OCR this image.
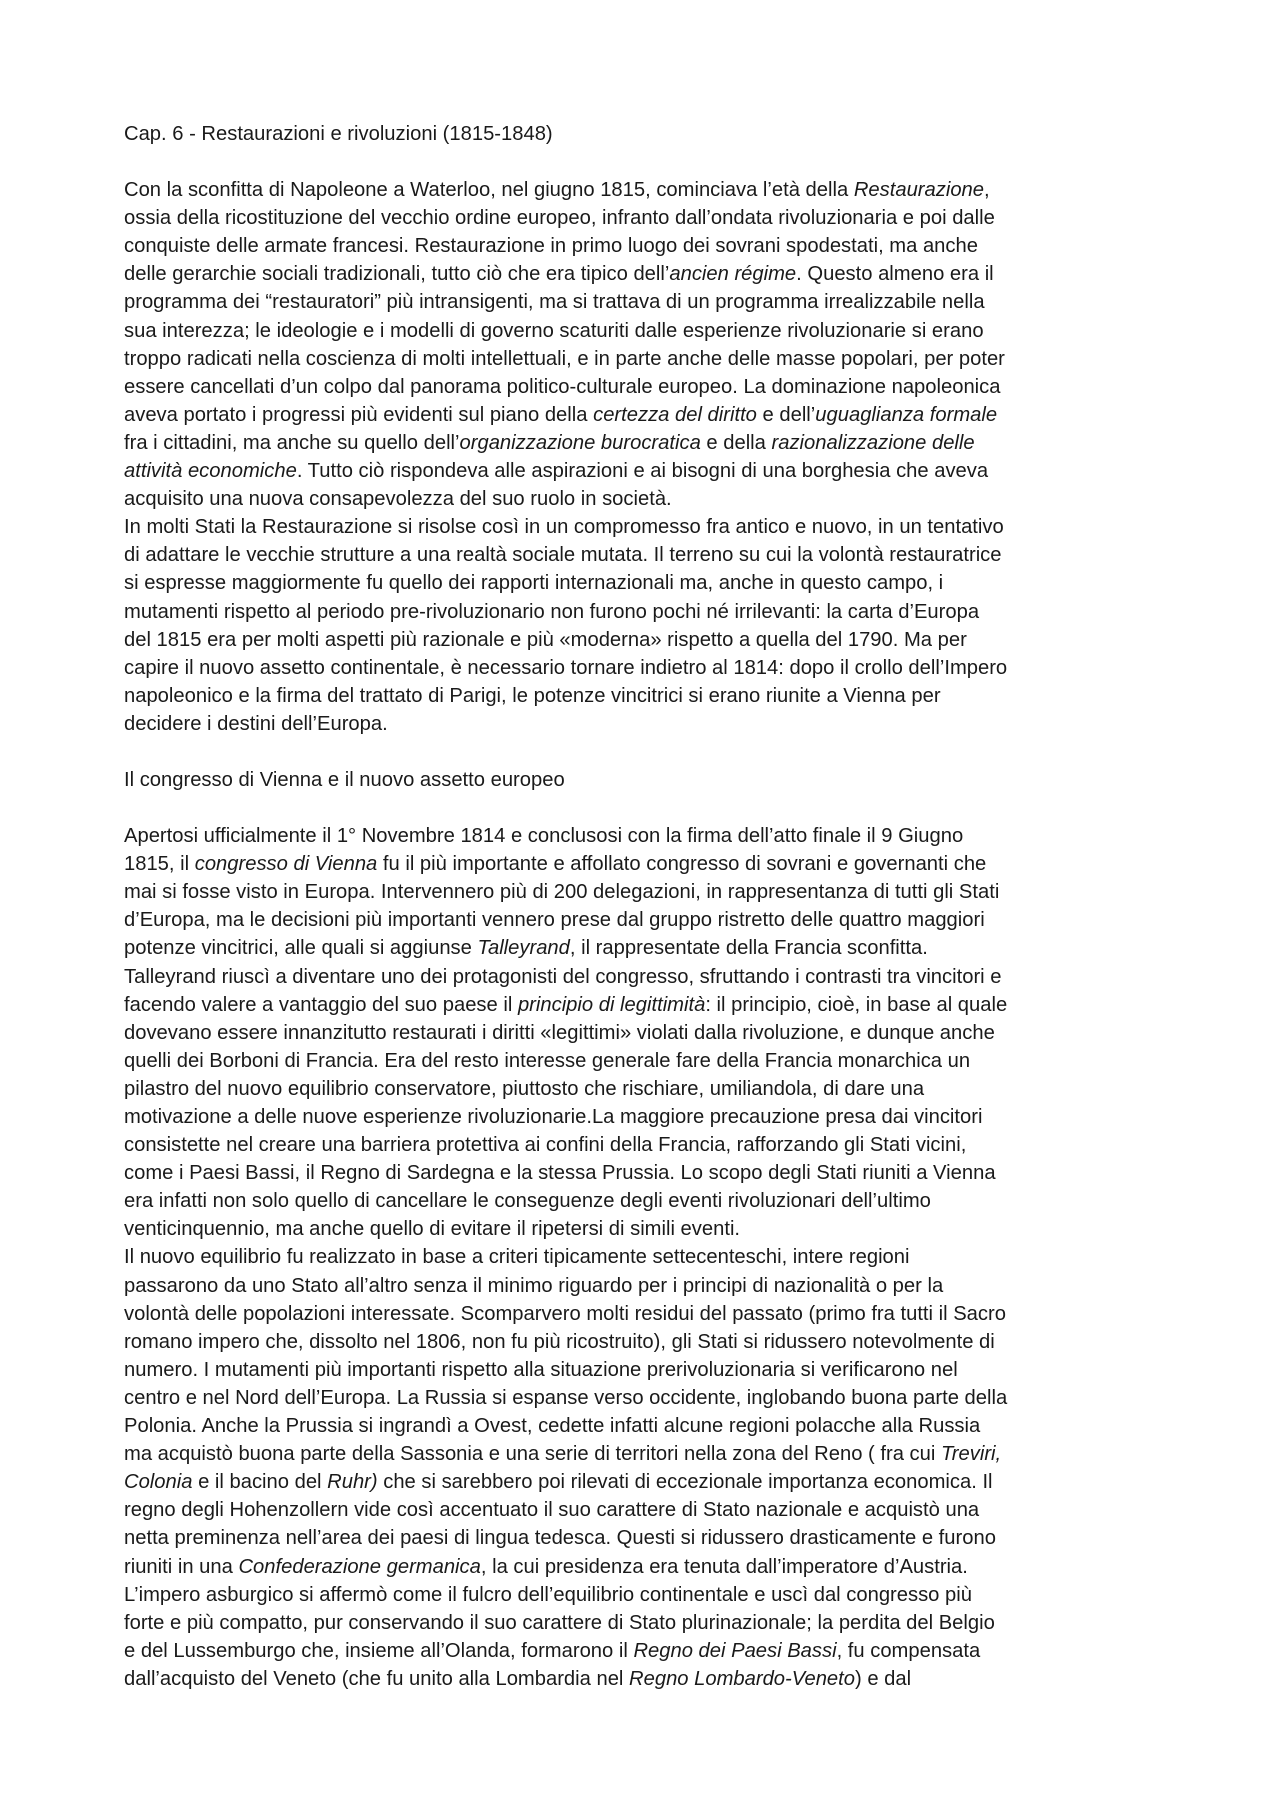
Cap. 6 - Restaurazioni e rivoluzioni (1815-1848)

Con la sconfitta di Napoleone a Waterloo, nel giugno 1815, cominciava l’età della Restaurazione,
ossia della ricostituzione del vecchio ordine europeo, infranto dall’ondata rivoluzionaria e poi dalle
conquiste delle armate francesi. Restaurazione in primo luogo dei sovrani spodestati, ma anche
delle gerarchie sociali tradizionali, tutto ciò che era tipico dell’ancien régime. Questo almeno era il
programma dei “restauratori” più intransigenti, ma si trattava di un programma irrealizzabile nella
sua interezza; le ideologie e i modelli di governo scaturiti dalle esperienze rivoluzionarie si erano
troppo radicati nella coscienza di molti intellettuali, e in parte anche delle masse popolari, per poter
essere cancellati d’un colpo dal panorama politico-culturale europeo. La dominazione napoleonica
aveva portato i progressi più evidenti sul piano della certezza del diritto e dell’uguaglianza formale
fra i cittadini, ma anche su quello dell’organizzazione burocratica e della razionalizzazione delle
attività economiche. Tutto ciò rispondeva alle aspirazioni e ai bisogni di una borghesia che aveva
acquisito una nuova consapevolezza del suo ruolo in società.

In molti Stati la Restaurazione si risolse così in un compromesso fra antico e nuovo, in un tentativo
di adattare le vecchie strutture a una realtà sociale mutata. Il terreno su cui la volontà restauratrice
si espresse maggiormente fu quello dei rapporti internazionali ma, anche in questo campo, i
mutamenti rispetto al periodo pre-rivoluzionario non furono pochi né irrilevanti: la carta d’Europa
del 1815 era per molti aspetti più razionale e più «moderna» rispetto a quella del 1790. Ma per
capire il nuovo assetto continentale, è necessario tornare indietro al 1814: dopo il crollo dell’Impero
napoleonico e la firma del trattato di Parigi, le potenze vincitrici si erano riunite a Vienna per
decidere i destini dell’Europa.

Il congresso di Vienna e il nuovo assetto europeo

Apertosi ufficialmente il 1° Novembre 1814 e conclusosi con la firma dell’atto finale il 9 Giugno
1815, il congresso di Vienna fu il più importante e affollato congresso di sovrani e governanti che
mai si fosse visto in Europa. Intervennero più di 200 delegazioni, in rappresentanza di tutti gli Stati
d’Europa, ma le decisioni più importanti vennero prese dal gruppo ristretto delle quattro maggiori
potenze vincitrici, alle quali si aggiunse Talleyrand, il rappresentate della Francia sconfitta.
Talleyrand riuscì a diventare uno dei protagonisti del congresso, sfruttando i contrasti tra vincitori e
facendo valere a vantaggio del suo paese il principio di legittimità: il principio, cioè, in base al quale
dovevano essere innanzitutto restaurati i diritti «legittimi» violati dalla rivoluzione, e dunque anche
quelli dei Borboni di Francia. Era del resto interesse generale fare della Francia monarchica un
pilastro del nuovo equilibrio conservatore, piuttosto che rischiare, umiliandola, di dare una
motivazione a delle nuove esperienze rivoluzionarie.La maggiore precauzione presa dai vincitori
consistette nel creare una barriera protettiva ai confini della Francia, rafforzando gli Stati vicini,
come i Paesi Bassi, il Regno di Sardegna e la stessa Prussia. Lo scopo degli Stati riuniti a Vienna
era infatti non solo quello di cancellare le conseguenze degli eventi rivoluzionari dell’ultimo
venticinquennio, ma anche quello di evitare il ripetersi di simili eventi.

Il nuovo equilibrio fu realizzato in base a criteri tipicamente settecenteschi, intere regioni
passarono da uno Stato all’altro senza il minimo riguardo per i principi di nazionalità o per la
volontà delle popolazioni interessate. Scomparvero molti residui del passato (primo fra tutti il Sacro
romano impero che, dissolto nel 1806, non fu più ricostruito), gli Stati si ridussero notevolmente di
numero. I mutamenti più importanti rispetto alla situazione prerivoluzionaria si verificarono nel
centro e nel Nord dell’Europa. La Russia si espanse verso occidente, inglobando buona parte della
Polonia. Anche la Prussia si ingrandì a Ovest, cedette infatti alcune regioni polacche alla Russia
ma acquistò buona parte della Sassonia e una serie di territori nella zona del Reno ( fra cui Treviri,
Colonia e il bacino del Ruhr) che si sarebbero poi rilevati di eccezionale importanza economica. Il
regno degli Hohenzollern vide così accentuato il suo carattere di Stato nazionale e acquistò una
netta preminenza nell’area dei paesi di lingua tedesca. Questi si ridussero drasticamente e furono
riuniti in una Confederazione germanica, la cui presidenza era tenuta dall’imperatore d’Austria.
L’impero asburgico si affermò come il fulcro dell’equilibrio continentale e uscì dal congresso più
forte e più compatto, pur conservando il suo carattere di Stato plurinazionale; la perdita del Belgio
e del Lussemburgo che, insieme all’Olanda, formarono il Regno dei Paesi Bassi, fu compensata
dall’acquisto del Veneto (che fu unito alla Lombardia nel Regno Lombardo-Veneto) e dal
